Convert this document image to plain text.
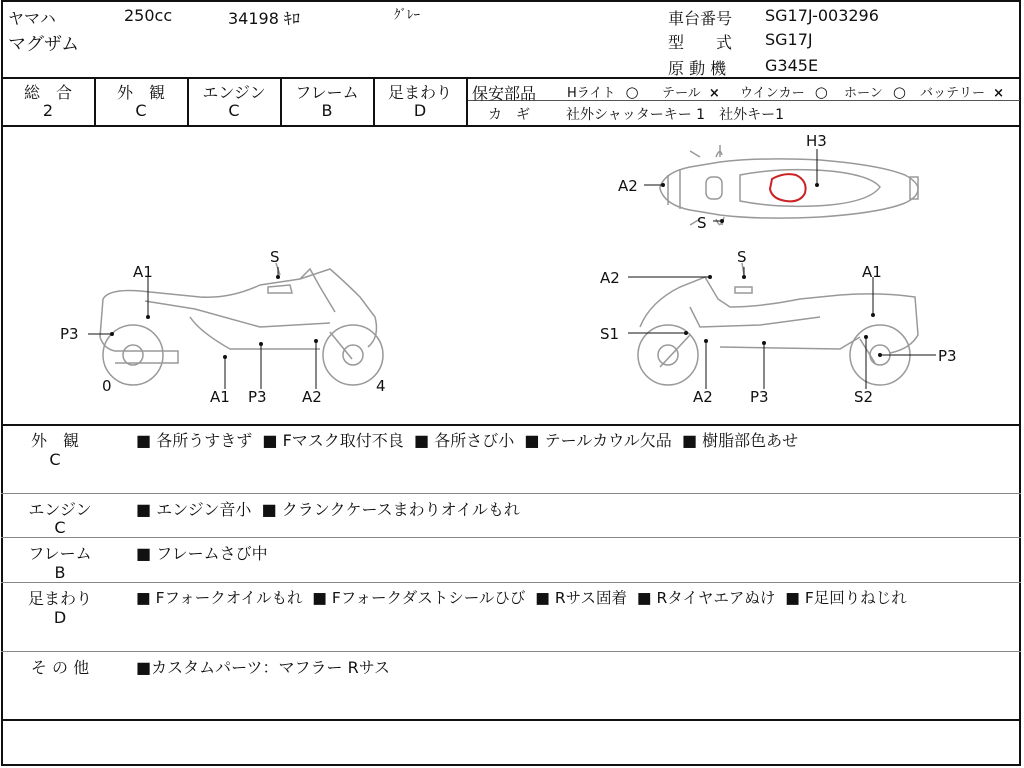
ヤマハ	250cc	34198 ｷﾛ	ｸﾞﾚｰ
マグザム
車台番号 SG17J-003296
型　　式 SG17J
原 動 機 G345E
総　合
2
外　観
C
エンジン
C
フレーム
B
足まわり
D
保安部品 Hライト ○ テール × ウインカー ○ ホーン ○ バッテリー ×
カ　ギ	社外シャッターキー 1　社外キー1
H3
A2
S
A1
S
P3
A1 P3 A2
0	4
A2
S
A1
S1
P3
A2 P3	S2
外　観
C
■ 各所うすきず  ■ Fマスク取付不良  ■ 各所さび小  ■ テールカウル欠品  ■ 樹脂部色あせ
エンジン
C
■ エンジン音小  ■ クランクケースまわりオイルもれ
フレーム
B
■ フレームさび中
足まわり
D
■ Fフォークオイルもれ  ■ Fフォークダストシールひび  ■ Rサス固着  ■ Rタイヤエアぬけ  ■ F足回りねじれ
そ の 他	■カスタムパーツ：マフラー Rサス
